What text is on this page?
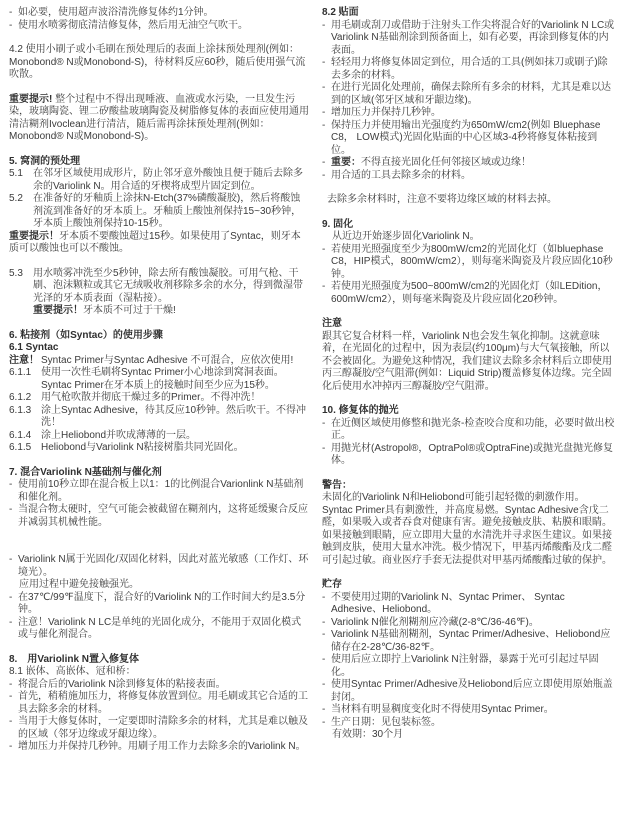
- 如必要，使用超声波浴清洗修复体约1分钟。
- 使用水喷雾彻底清洁修复体，然后用无油空气吹干。
4.2 使用小刷子或小毛刷在预处理后的表面上涂抹预处理剂(例如：Monobond® N或Monobond-S)，待材料反应60秒，随后使用强气流吹散。
重要提示! 整个过程中不得出现唾液、血液或水污染，一旦发生污染，玻璃陶瓷、锂二矽酸盐玻璃陶瓷及树脂修复体的表面应使用通用清洁糊剂Ivoclean进行清洁，随后需再涂抹预处理剂(例如：Monobond® N或Monobond-S)。
5. 窝洞的预处理
5.1	在邻牙区域使用成形片，防止邻牙意外酸蚀且便于随后去除多余的Variolink N。用合适的牙楔将成型片固定到位。
5.2	在准备好的牙釉质上涂抹N-Etch(37%磷酸凝胶)，然后将酸蚀剂流到准备好的牙本质上。牙釉质上酸蚀剂保持15~30秒钟，牙本质上酸蚀剂保持10-15秒。
重要提示！牙本质不要酸蚀超过15秒。如果使用了Syntac，则牙本质可以酸蚀也可以不酸蚀。
5.3	用水喷雾冲洗至少5秒钟，除去所有酸蚀凝胶。可用气枪、干刷、泡沫颗粒或其它无绒吸收剂移除多余的水分，得到微湿带光泽的牙本质表面（湿粘接）。
重要提示！牙本质不可过于干燥!
6. 粘接剂（如Syntac）的使用步骤
6.1 Syntac
注意！ Syntac Primer与Syntac Adhesive 不可混合，应依次使用!
6.1.1 使用一次性毛刷将Syntac Primer小心地涂到窝洞表面。Syntac Primer在牙本质上的接触时间至少应为15秒。
6.1.2 用气枪吹散并彻底干燥过多的Primer。不得冲洗！
6.1.3 涂上Syntac Adhesive，待其反应10秒钟。然后吹干。不得冲洗！
6.1.4 涂上Heliobond并吹成薄薄的一层。
6.1.5 Heliobond与Variolink N粘接树脂共同光固化。
7. 混合Variolink N基础剂与催化剂
- 使用前10秒立即在混合板上以1：1的比例混合Varionlink N基础剂和催化剂。
- 当混合物太硬时，空气可能会被截留在糊剂内，这将延缓聚合反应并减弱其机械性能。
- Variolink N属于光固化/双固化材料，因此对蓝光敏感（工作灯、环境光）。
应用过程中避免接触强光。
- 在37℃/99℉温度下，混合好的Variolink N的工作时间大约是3.5分钟。
- 注意！Variolink N LC是单纯的光固化成分，不能用于双固化模式或与催化剂混合。
8.　用Variolink N置入修复体
8.1 嵌体、高嵌体、冠和桥：
- 将混合后的Variolink N涂到修复体的粘接表面。
- 首先，稍稍施加压力，将修复体放置到位。用毛刷或其它合适的工具去除多余的材料。
- 当用于大修复体时，一定要即时清除多余的材料，尤其是难以触及的区域（邻牙边缘或牙龈边缘）。
- 增加压力并保持几秒钟。用刷子用工作力去除多余的Variolink N。
8.2 贴面
- 用毛刷或刮刀或借助于注射头工作尖将混合好的Variolink N LC或Variolink N基础剂涂到预备面上，如有必要，再涂到修复体的内表面。
- 轻轻用力将修复体固定到位，用合适的工具(例如抹刀或刷子)除去多余的材料。
- 在进行光固化处理前，确保去除所有多余的材料，尤其是难以达到的区域(邻牙区域和牙龈边缘)。
- 增加压力并保持几秒钟。
- 保持压力并使用输出光强度约为650mW/cm2(例如 Bluephase C8， LOW模式)光固化贴面的中心区域3-4秒将修复体粘接到位。
- 重要：不得直接光固化任何邻接区域或边缘！
- 用合适的工具去除多余的材料。
去除多余材料时，注意不要将边缘区域的材料去掉。
9. 固化
从近边开始逐步固化Variolink N。
- 若使用光照强度至少为800mW/cm2的光固化灯（如bluephase C8，HIP模式，800mW/cm2），则每毫米陶瓷及片段应固化10秒钟。
- 若使用光照强度为500~800mW/cm2的光固化灯（如LEDition，600mW/cm2），则每毫米陶瓷及片段应固化20秒钟。
注意
跟其它复合材料一样，Variolink N也会发生氧化抑制。这就意味着，在光固化的过程中，因为表层(约100μm)与大气氧接触，所以不会被固化。为避免这种情况，我们建议去除多余材料后立即使用丙三醇凝胶/空气阻滞(例如：Liquid Strip)覆盖修复体边缘。完全固化后使用水冲掉丙三醇凝胶/空气阻滞。
10. 修复体的抛光
- 在近侧区域使用修整和抛光条-检查咬合度和功能，必要时做出校正。
- 用抛光材(Astropol®，OptraPol®或OptraFine)或抛光盘抛光修复体。
警告：
未固化的Variolink N和Heliobond可能引起轻微的刺激作用。Syntac Primer具有刺激性，并高度易燃。Syntac Adhesive含戊二醛，如果吸入或者吞食对健康有害。避免接触皮肤、粘膜和眼睛。如果接触到眼睛，应立即用大量的水清洗并寻求医生建议。如果接触到皮肤，使用大量水冲洗。极少情况下，甲基丙烯酸酯及戊二醛可引起过敏。商业医疗手套无法提供对甲基丙烯酸酯过敏的保护。
贮存
- 不要使用过期的Variolink N、Syntac Primer、 Syntac Adhesive、Heliobond。
- Variolink N催化剂糊剂应冷藏(2-8℃/36-46℉)。
- Variolink N基础剂糊剂，Syntac Primer/Adhesive、Heliobond应储存在2-28℃/36-82℉。
- 使用后应立即拧上Variolink N注射器，暴露于光可引起过早固化。
- 使用Syntac Primer/Adhesive及Heliobond后应立即使用原始瓶盖封闭。
- 当材料有明显稠度变化时不得使用Syntac Primer。
- 生产日期：见包装标签。
有效期：30个月
